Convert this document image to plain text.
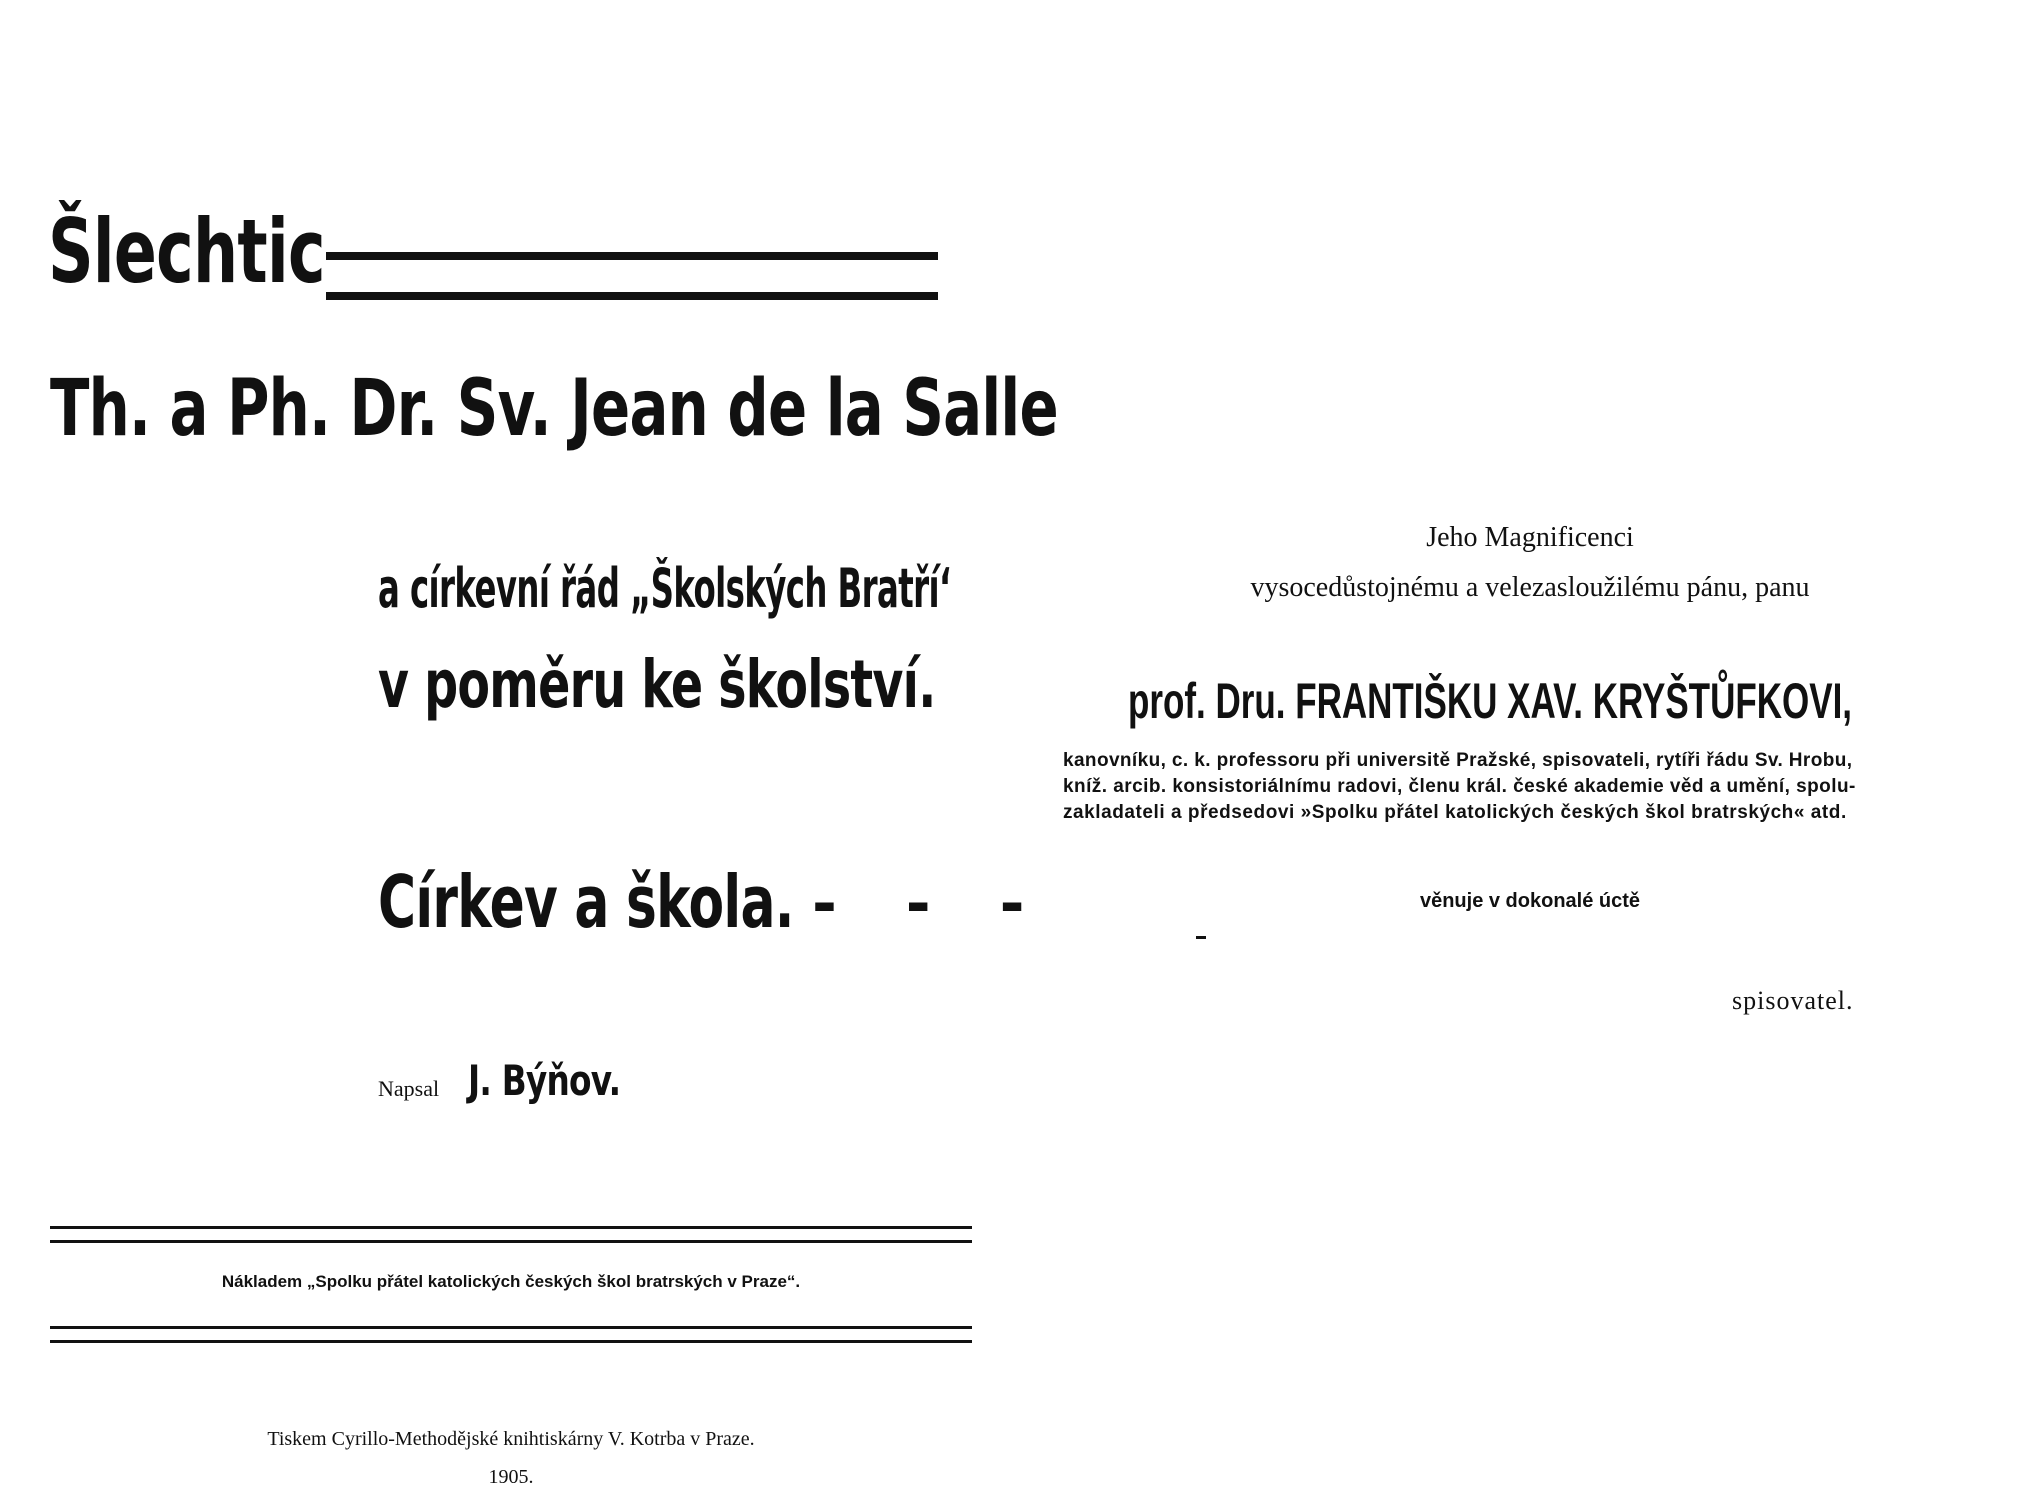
Šlechtic
Th. a Ph. Dr. Sv. Jean de la Salle
a církevní řád „Školských Bratří‘
v poměru ke školství.
Církev a škola. - - -
Napsal J. Býňov.
Nákladem „Spolku přátel katolických českých škol bratrských v Praze“.
Tiskem Cyrillo-Methodějské knihtiskárny V. Kotrba v Praze.
1905.
Jeho Magnificenci
vysocedůstojnému a velezasloužilému pánu, panu
prof. Dru. FRANTIŠKU XAV. KRYŠTŮFKOVI,
kanovníku, c. k. professoru při universitě Pražské, spisovateli, rytíři řádu Sv. Hrobu,
kníž. arcib. konsistoriálnímu radovi, členu král. české akademie věd a umění, spolu-
zakladateli a předsedovi »Spolku přátel katolických českých škol bratrských« atd.
věnuje v dokonalé úctě
spisovatel.
